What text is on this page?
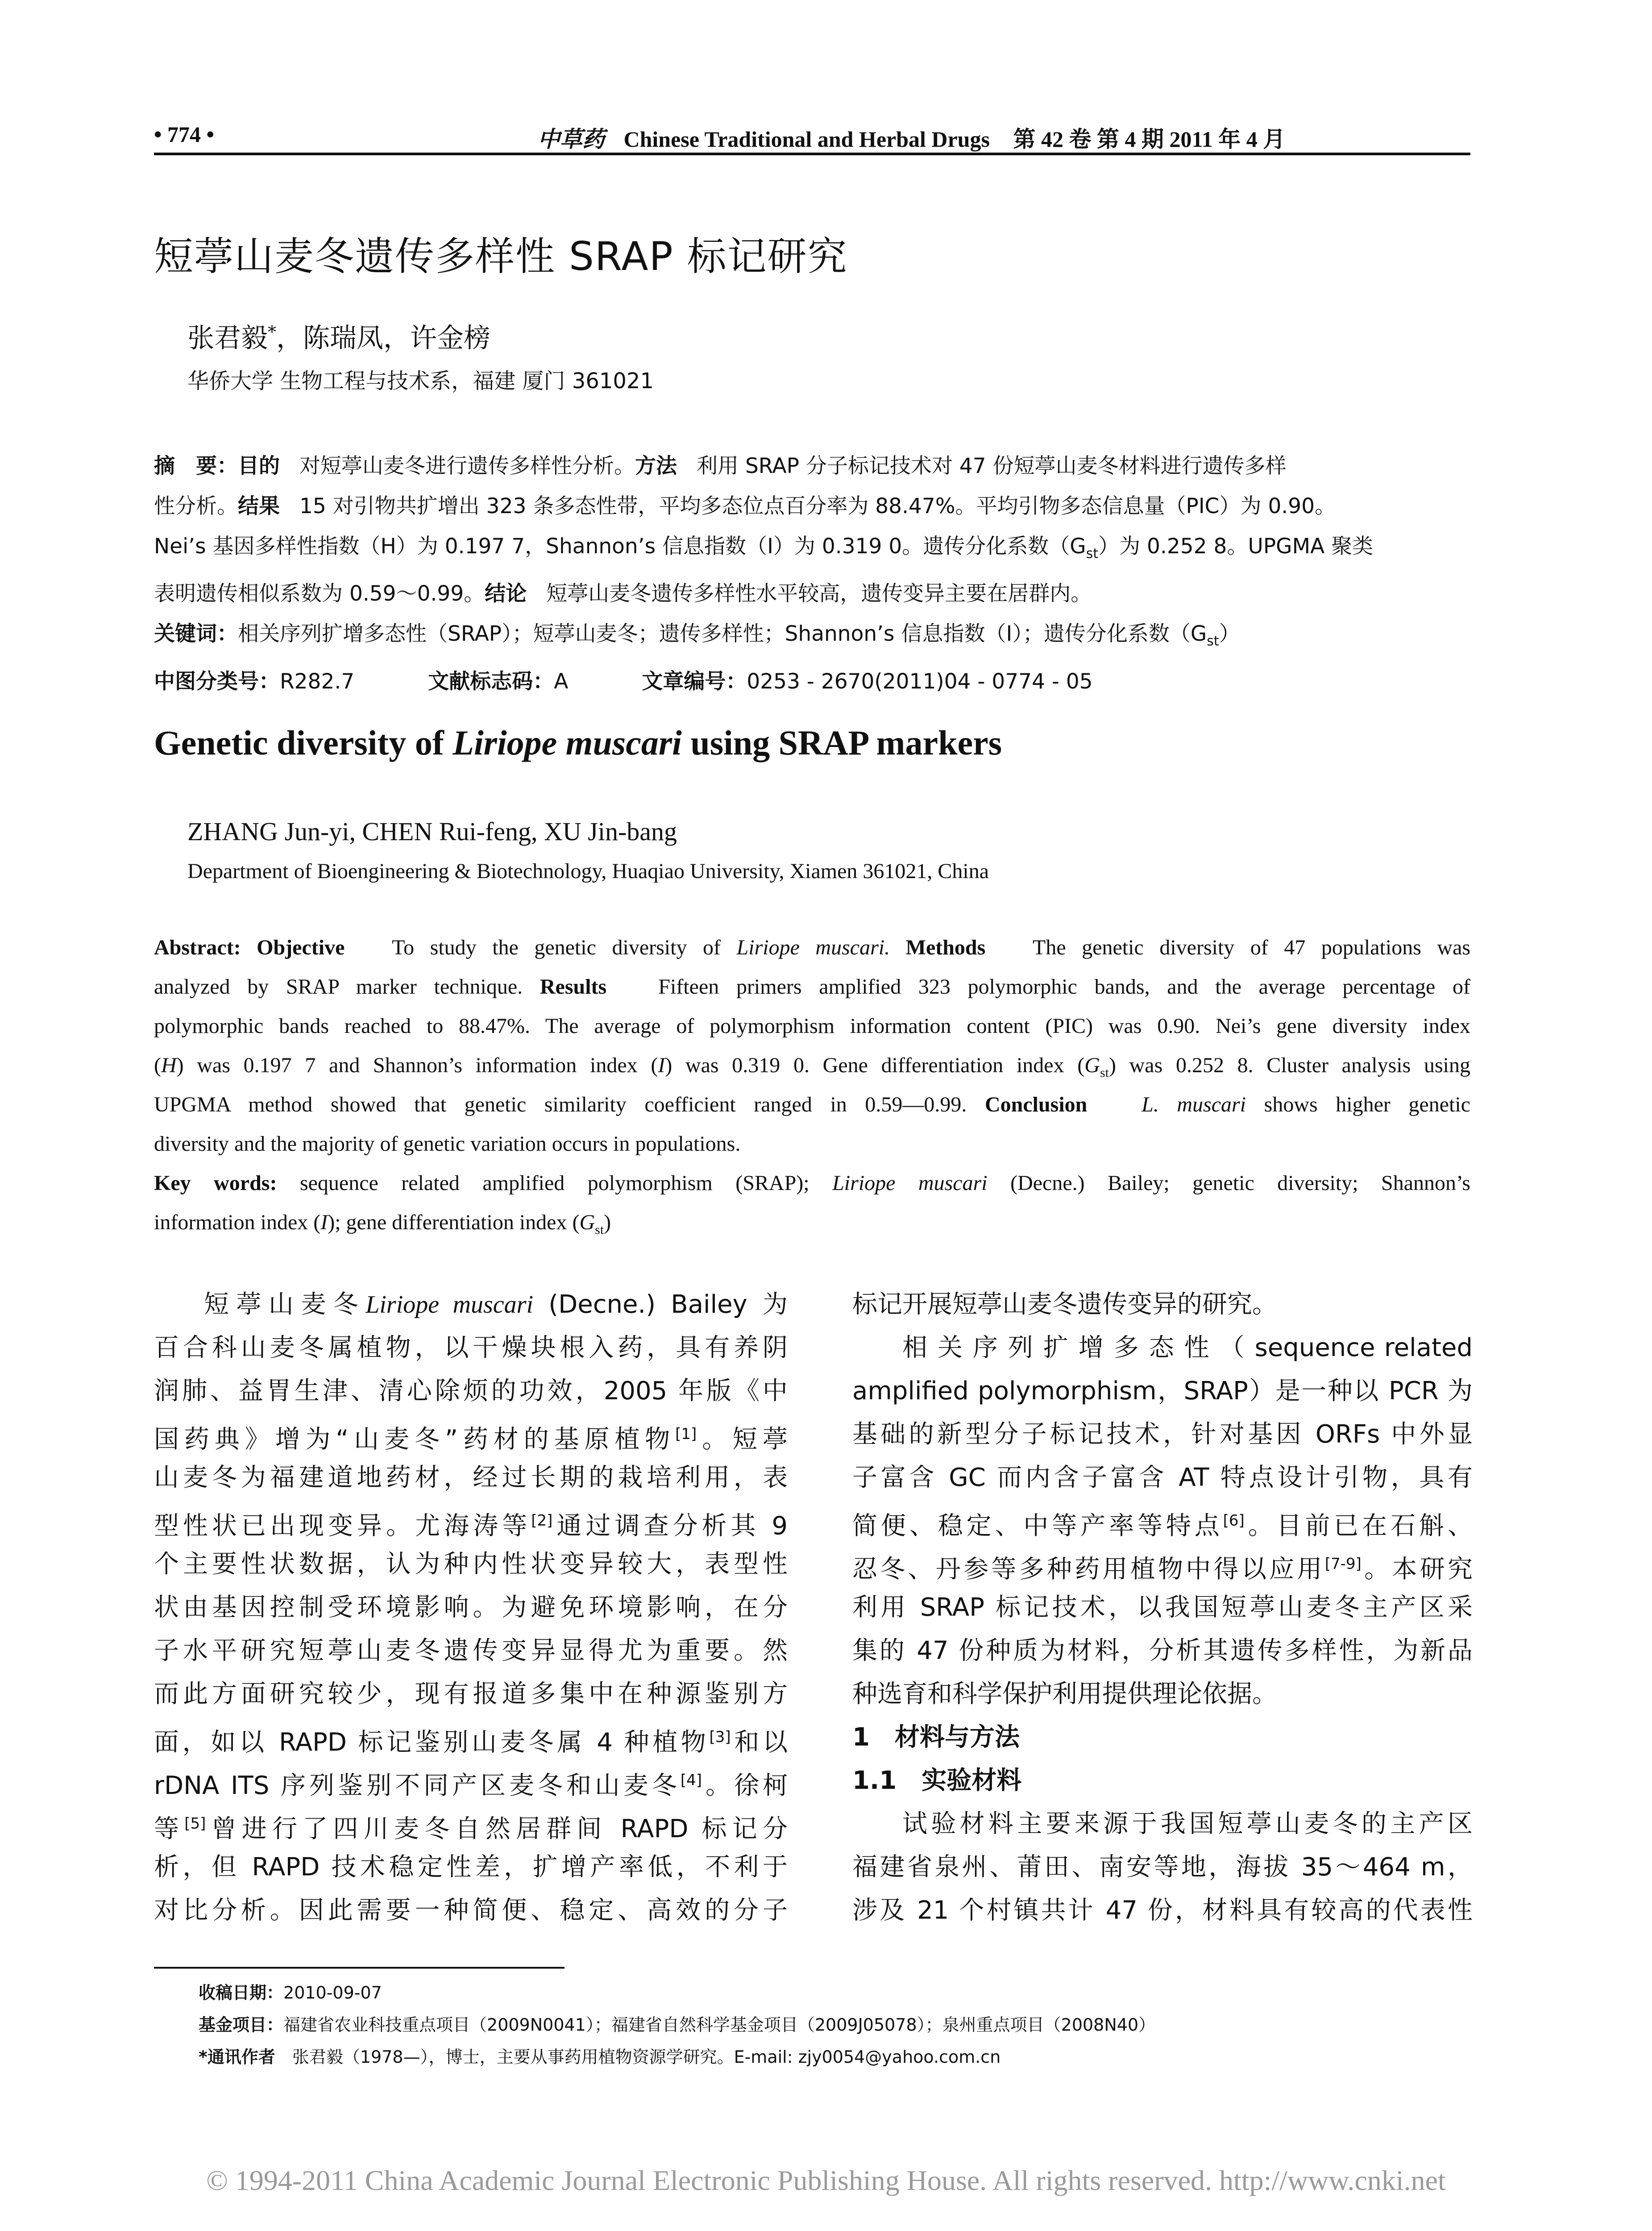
• 774 •	中草药 Chinese Traditional and Herbal Drugs 第 42 卷 第 4 期 2011 年 4 月
短葶山麦冬遗传多样性 SRAP 标记研究
张君毅*，陈瑞凤，许金榜
华侨大学 生物工程与技术系，福建 厦门 361021
摘　要：目的 对短葶山麦冬进行遗传多样性分析。方法 利用 SRAP 分子标记技术对 47 份短葶山麦冬材料进行遗传多样
性分析。结果 15 对引物共扩增出 323 条多态性带，平均多态位点百分率为 88.47%。平均引物多态信息量（PIC）为 0.90。
Nei’s 基因多样性指数（H）为 0.197 7，Shannon’s 信息指数（I）为 0.319 0。遗传分化系数$(G_{st})$为 0.252 8。UPGMA 聚类
表明遗传相似系数为 0.59～0.99。结论 短葶山麦冬遗传多样性水平较高，遗传变异主要在居群内。
关键词：相关序列扩增多态性（SRAP）；短葶山麦冬；遗传多样性；Shannon’s 信息指数（I）；遗传分化系数$(G_{st})$
中图分类号：R282.7	文献标志码：A	文章编号：0253 - 2670(2011)04 - 0774 - 05
Genetic diversity of Liriope muscari using SRAP markers
ZHANG Jun-yi, CHEN Rui-feng, XU Jin-bang
Department of Bioengineering & Biotechnology, Huaqiao University, Xiamen 361021, China
Abstract: Objective To study the genetic diversity of Liriope muscari. Methods The genetic diversity of 47 populations was
analyzed by SRAP marker technique. Results Fifteen primers amplified 323 polymorphic bands, and the average percentage of
polymorphic bands reached to 88.47%. The average of polymorphism information content (PIC) was 0.90. Nei’s gene diversity index
(H) was 0.197 7 and Shannon’s information index (I) was 0.319 0. Gene differentiation index $(G_{st})$ was 0.252 8. Cluster analysis using
UPGMA method showed that genetic similarity coefficient ranged in 0.59—0.99. Conclusion	L. muscari shows higher genetic
diversity and the majority of genetic variation occurs in populations.
Key words: sequence related amplified polymorphism (SRAP); Liriope muscari (Decne.) Bailey; genetic diversity; Shannon’s
information index (I); gene differentiation index $(G_{st})$
短葶山麦冬Liriope muscari (Decne.) Bailey 为
百合科山麦冬属植物，以干燥块根入药，具有养阴
润肺、益胃生津、清心除烦的功效，2005 年版《中
国药典》增为“山麦冬”药材的基原植物[1]。短葶
山麦冬为福建道地药材，经过长期的栽培利用，表
型性状已出现变异。尤海涛等[2]通过调查分析其 9
个主要性状数据，认为种内性状变异较大，表型性
状由基因控制受环境影响。为避免环境影响，在分
子水平研究短葶山麦冬遗传变异显得尤为重要。然
而此方面研究较少，现有报道多集中在种源鉴别方
面，如以 RAPD 标记鉴别山麦冬属 4 种植物[3]和以
rDNA ITS 序列鉴别不同产区麦冬和山麦冬[4]。徐柯
等[5]曾进行了四川麦冬自然居群间 RAPD 标记分
析，但 RAPD 技术稳定性差，扩增产率低，不利于
对比分析。因此需要一种简便、稳定、高效的分子
标记开展短葶山麦冬遗传变异的研究。
相 关 序 列 扩 增 多 态 性 （ sequence related
amplified polymorphism，SRAP）是一种以 PCR 为
基础的新型分子标记技术，针对基因 ORFs 中外显
子富含 GC 而内含子富含 AT 特点设计引物，具有
简便、稳定、中等产率等特点[6]。目前已在石斛、
忍冬、丹参等多种药用植物中得以应用[7-9]。本研究
利用 SRAP 标记技术，以我国短葶山麦冬主产区采
集的 47 份种质为材料，分析其遗传多样性，为新品
种选育和科学保护利用提供理论依据。
1　材料与方法
1.1　实验材料
试验材料主要来源于我国短葶山麦冬的主产区
福建省泉州、莆田、南安等地，海拔 35～464 m，
涉及 21 个村镇共计 47 份，材料具有较高的代表性
收稿日期：2010-09-07
基金项目：福建省农业科技重点项目（2009N0041）；福建省自然科学基金项目（2009J05078）；泉州重点项目（2008N40）
*通讯作者　张君毅（1978—），博士，主要从事药用植物资源学研究。E-mail: zjy0054@yahoo.com.cn
© 1994-2011 China Academic Journal Electronic Publishing House. All rights reserved. http://www.cnki.net
